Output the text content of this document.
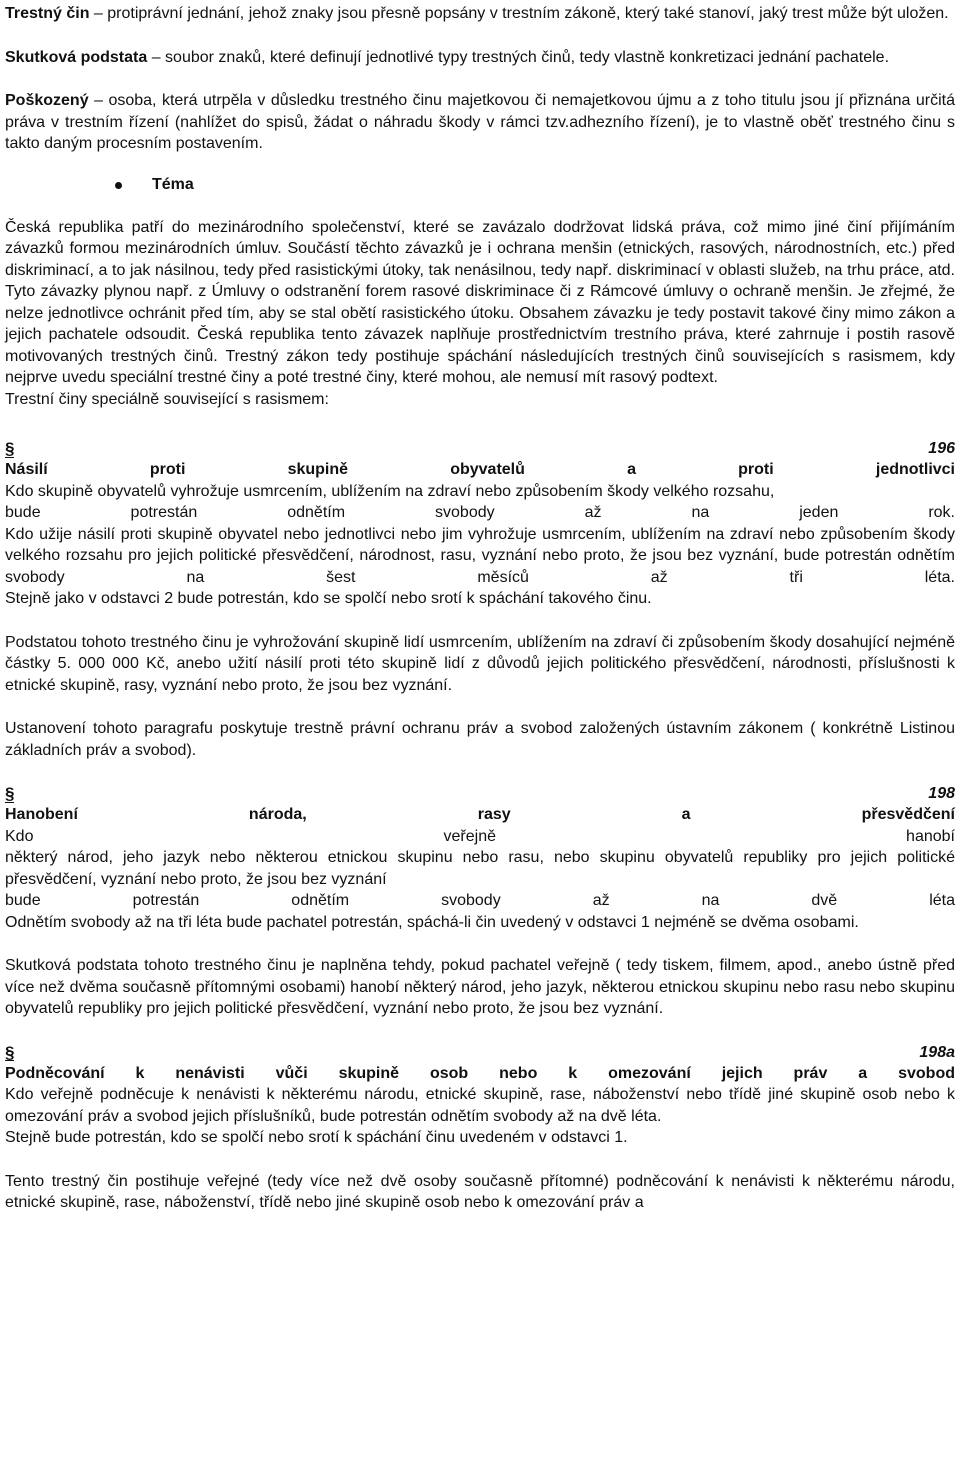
Trestný čin – protiprávní jednání, jehož znaky jsou přesně popsány v trestním zákoně, který také stanoví, jaký trest může být uložen.

Skutková podstata – soubor znaků, které definují jednotlivé typy trestných činů, tedy vlastně konkretizaci jednání pachatele.

Poškozený – osoba, která utrpěla v důsledku trestného činu majetkovou či nemajetkovou újmu a z toho titulu jsou jí přiznána určitá práva v trestním řízení (nahlížet do spisů, žádat o náhradu škody v rámci tzv.adhezního řízení), je to vlastně oběť trestného činu s takto daným procesním postavením.

Téma

Česká republika patří do mezinárodního společenství, které se zavázalo dodržovat lidská práva, což mimo jiné činí přijímáním závazků formou mezinárodních úmluv. Součástí těchto závazků je i ochrana menšin (etnických, rasových, národnostních, etc.) před diskriminací, a to jak násilnou, tedy před rasistickými útoky, tak nenásilnou, tedy např. diskriminací v oblasti služeb, na trhu práce, atd. Tyto závazky plynou např. z Úmluvy o odstranění forem rasové diskriminace či z Rámcové úmluvy o ochraně menšin. Je zřejmé, že nelze jednotlivce ochránit před tím, aby se stal obětí rasistického útoku. Obsahem závazku je tedy postavit takové činy mimo zákon a jejich pachatele odsoudit. Česká republika tento závazek naplňuje prostřednictvím trestního práva, které zahrnuje i postih rasově motivovaných trestných činů. Trestný zákon tedy postihuje spáchání následujících trestných činů souvisejících s rasismem, kdy nejprve uvedu speciální trestné činy a poté trestné činy, které mohou, ale nemusí mít rasový podtext.

Trestní činy speciálně související s rasismem:

§	196

Násilí proti skupině obyvatelů a proti jednotlivci

Kdo skupině obyvatelů vyhrožuje usmrcením, ublížením na zdraví nebo způsobením škody velkého rozsahu,

bude potrestán odnětím svobody až na jeden rok.

Kdo užije násilí proti skupině obyvatel nebo jednotlivci nebo jim vyhrožuje usmrcením, ublížením na zdraví nebo způsobením škody velkého rozsahu pro jejich politické přesvědčení, národnost, rasu, vyznání nebo proto, že jsou bez vyznání, bude potrestán odnětím svobody na šest měsíců až tři léta.

Stejně jako v odstavci 2 bude potrestán, kdo se spolčí nebo srotí k spáchání takového činu.

Podstatou tohoto trestného činu je vyhrožování skupině lidí usmrcením, ublížením na zdraví či způsobením škody dosahující nejméně částky 5. 000 000 Kč, anebo užití násilí proti této skupině lidí z důvodů jejich politického přesvědčení, národnosti, příslušnosti k etnické skupině, rasy, vyznání nebo proto, že jsou bez vyznání.

Ustanovení tohoto paragrafu poskytuje trestně právní ochranu práv a svobod založených ústavním zákonem ( konkrétně Listinou základních práv a svobod).

§	198

Hanobení národa, rasy a přesvědčení

Kdo veřejně hanobí

některý národ, jeho jazyk nebo některou etnickou skupinu nebo rasu, nebo skupinu obyvatelů republiky pro jejich politické přesvědčení, vyznání nebo proto, že jsou bez vyznání

bude potrestán odnětím svobody až na dvě léta

Odnětím svobody až na tři léta bude pachatel potrestán, spáchá-li čin uvedený v odstavci 1 nejméně se dvěma osobami.

Skutková podstata tohoto trestného činu je naplněna tehdy, pokud pachatel veřejně ( tedy tiskem, filmem, apod., anebo ústně před více než dvěma současně přítomnými osobami) hanobí některý národ, jeho jazyk, některou etnickou skupinu nebo rasu nebo skupinu obyvatelů republiky pro jejich politické přesvědčení, vyznání nebo proto, že jsou bez vyznání.

§	198a

Podněcování k nenávisti vůči skupině osob nebo k omezování jejich práv a svobod

Kdo veřejně podněcuje k nenávisti k některému národu, etnické skupině, rase, náboženství nebo třídě jiné skupině osob nebo k omezování práv a svobod jejich příslušníků, bude potrestán odnětím svobody až na dvě léta.

Stejně bude potrestán, kdo se spolčí nebo srotí k spáchání činu uvedeném v odstavci 1.

Tento trestný čin postihuje veřejné (tedy více než dvě osoby současně přítomné) podněcování k nenávisti k některému národu, etnické skupině, rase, náboženství, třídě nebo jiné skupině osob nebo k omezování práv a
